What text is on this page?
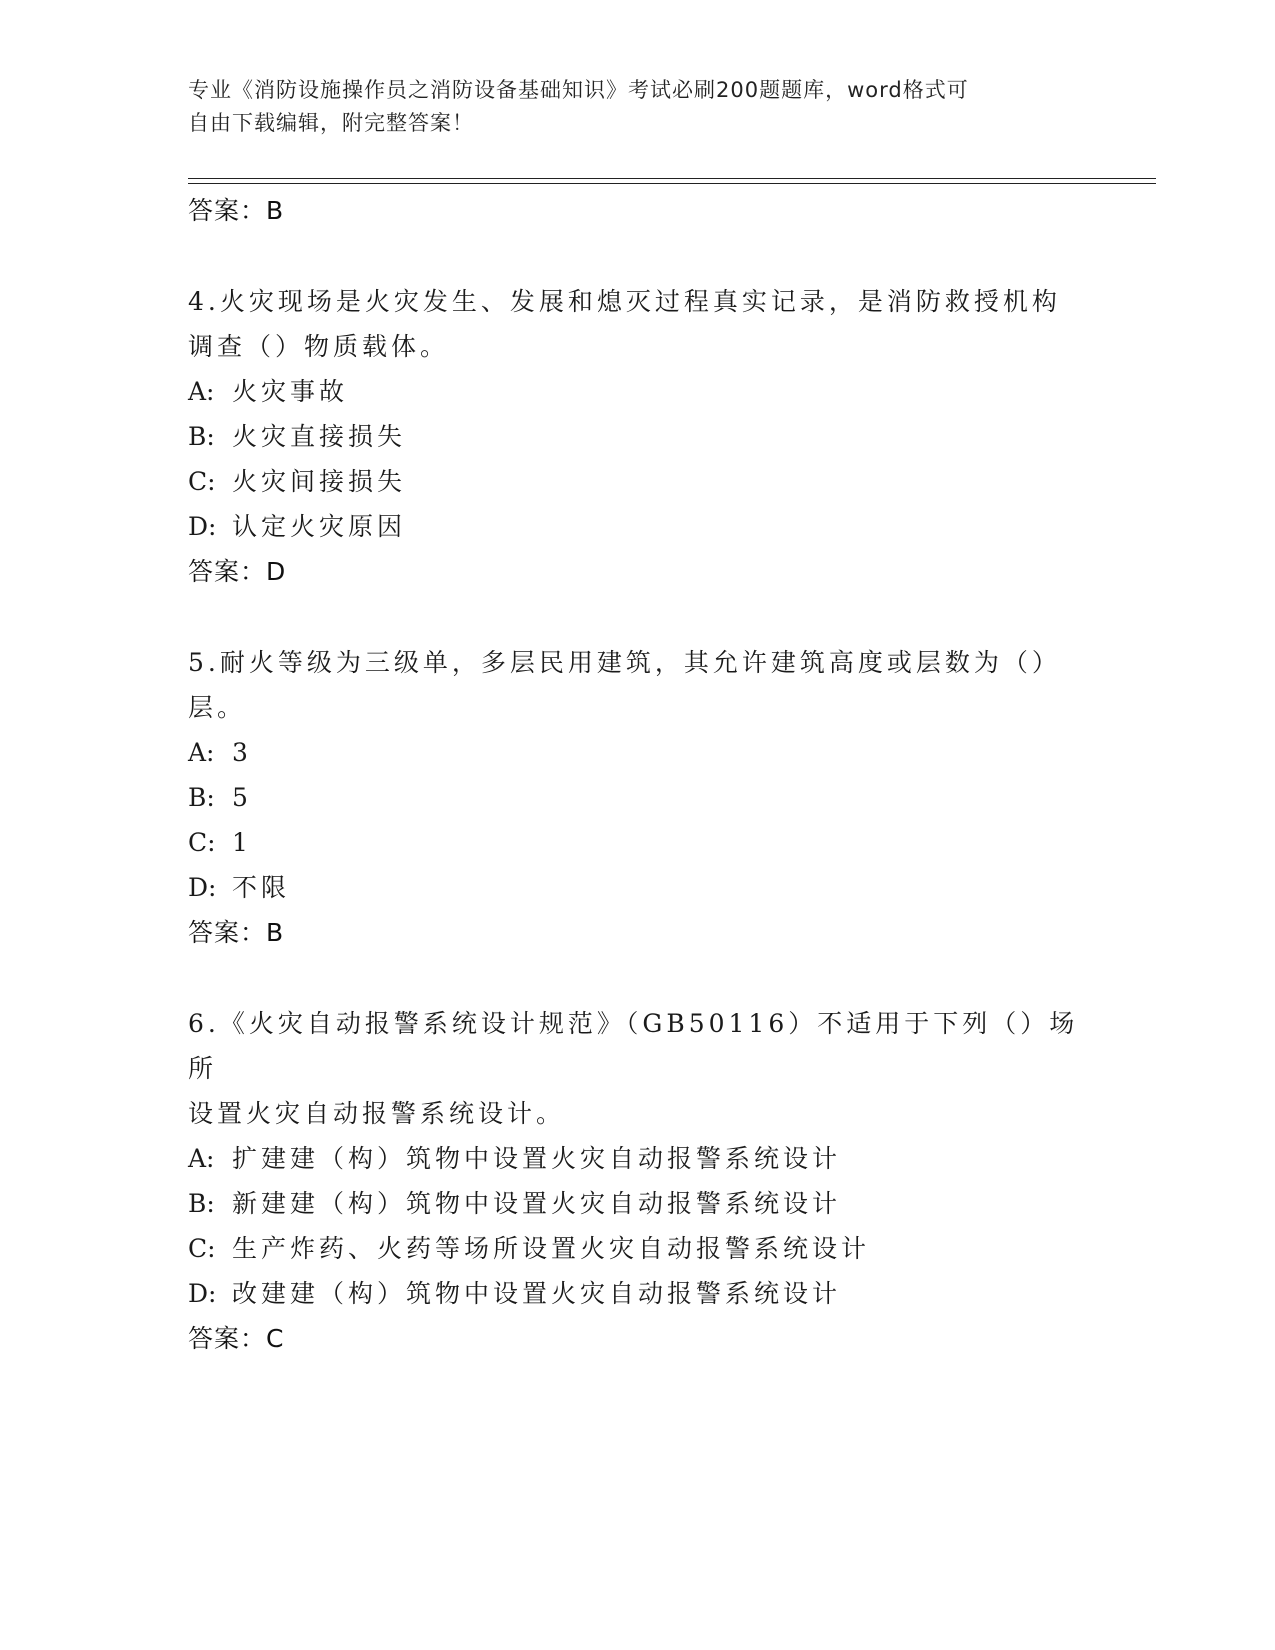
专业《消防设施操作员之消防设备基础知识》考试必刷200题题库，word格式可
自由下载编辑，附完整答案！
答案：B
4.火灾现场是火灾发生、发展和熄灭过程真实记录，是消防救授机构
调查（）物质载体。
A: 火灾事故
B: 火灾直接损失
C: 火灾间接损失
D: 认定火灾原因
答案：D
5.耐火等级为三级单，多层民用建筑，其允许建筑高度或层数为（）
层。
A: 3
B: 5
C: 1
D: 不限
答案：B
6.《火灾自动报警系统设计规范》（GB50116）不适用于下列（）场所
设置火灾自动报警系统设计。
A: 扩建建（构）筑物中设置火灾自动报警系统设计
B: 新建建（构）筑物中设置火灾自动报警系统设计
C: 生产炸药、火药等场所设置火灾自动报警系统设计
D: 改建建（构）筑物中设置火灾自动报警系统设计
答案：C
